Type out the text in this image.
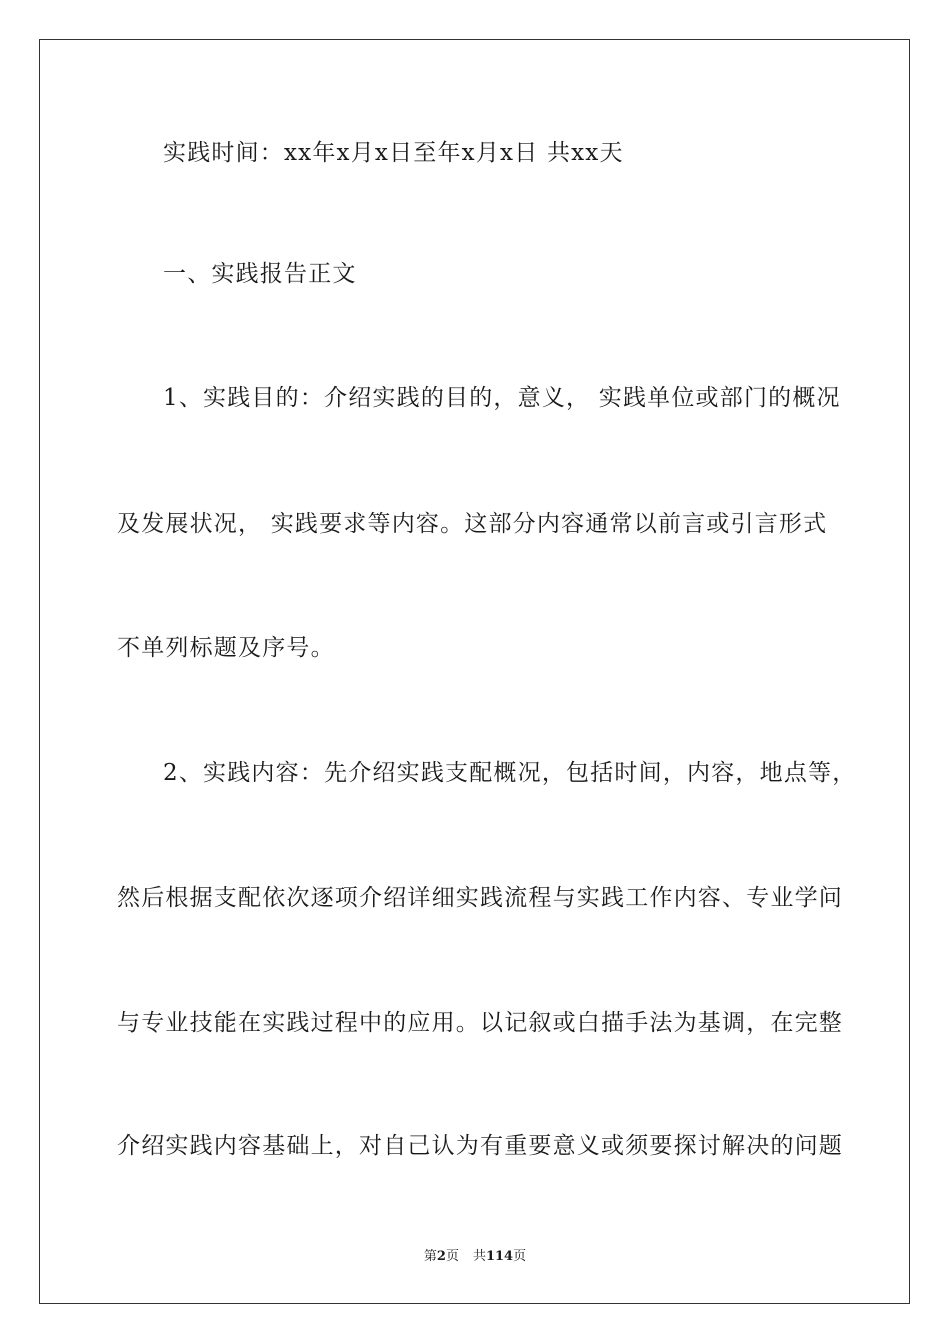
实践时间：xx年x月x日至年x月x日 共xx天
一、实践报告正文
1、实践目的：介绍实践的目的，意义， 实践单位或部门的概况
及发展状况， 实践要求等内容。这部分内容通常以前言或引言形式
不单列标题及序号。
2、实践内容：先介绍实践支配概况，包括时间，内容，地点等，
然后根据支配依次逐项介绍详细实践流程与实践工作内容、专业学问
与专业技能在实践过程中的应用。以记叙或白描手法为基调，在完整
介绍实践内容基础上，对自己认为有重要意义或须要探讨解决的问题
第2页 共114页
